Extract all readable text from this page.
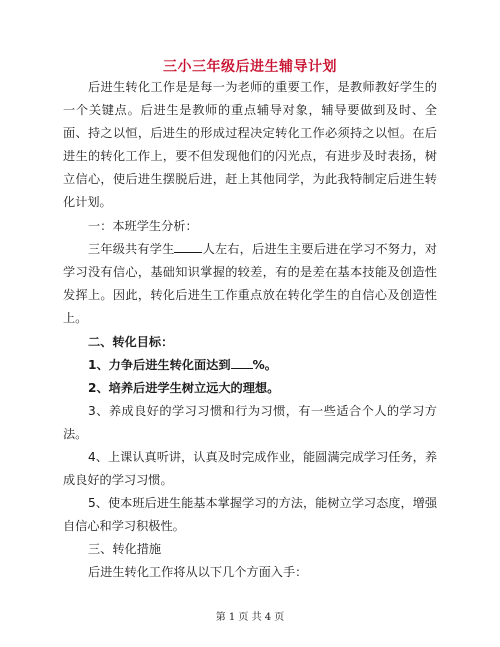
三小三年级后进生辅导计划

后进生转化工作是是每一为老师的重要工作，是教师教好学生的一个关键点。后进生是教师的重点辅导对象，辅导要做到及时、全面、持之以恒，后进生的形成过程决定转化工作必须持之以恒。在后进生的转化工作上，要不但发现他们的闪光点，有进步及时表扬，树立信心，使后进生摆脱后进，赶上其他同学，为此我特制定后进生转化计划。

一：本班学生分析：

三年级共有学生 人左右，后进生主要后进在学习不努力，对学习没有信心，基础知识掌握的较差，有的是差在基本技能及创造性发挥上。因此，转化后进生工作重点放在转化学生的自信心及创造性上。

二、转化目标：

1、力争后进生转化面达到 %。

2、培养后进学生树立远大的理想。

3、养成良好的学习习惯和行为习惯，有一些适合个人的学习方法。

4、上课认真听讲，认真及时完成作业，能圆满完成学习任务，养成良好的学习习惯。

5、使本班后进生能基本掌握学习的方法，能树立学习态度，增强自信心和学习积极性。

三、转化措施

后进生转化工作将从以下几个方面入手：

第 1 页 共 4 页
